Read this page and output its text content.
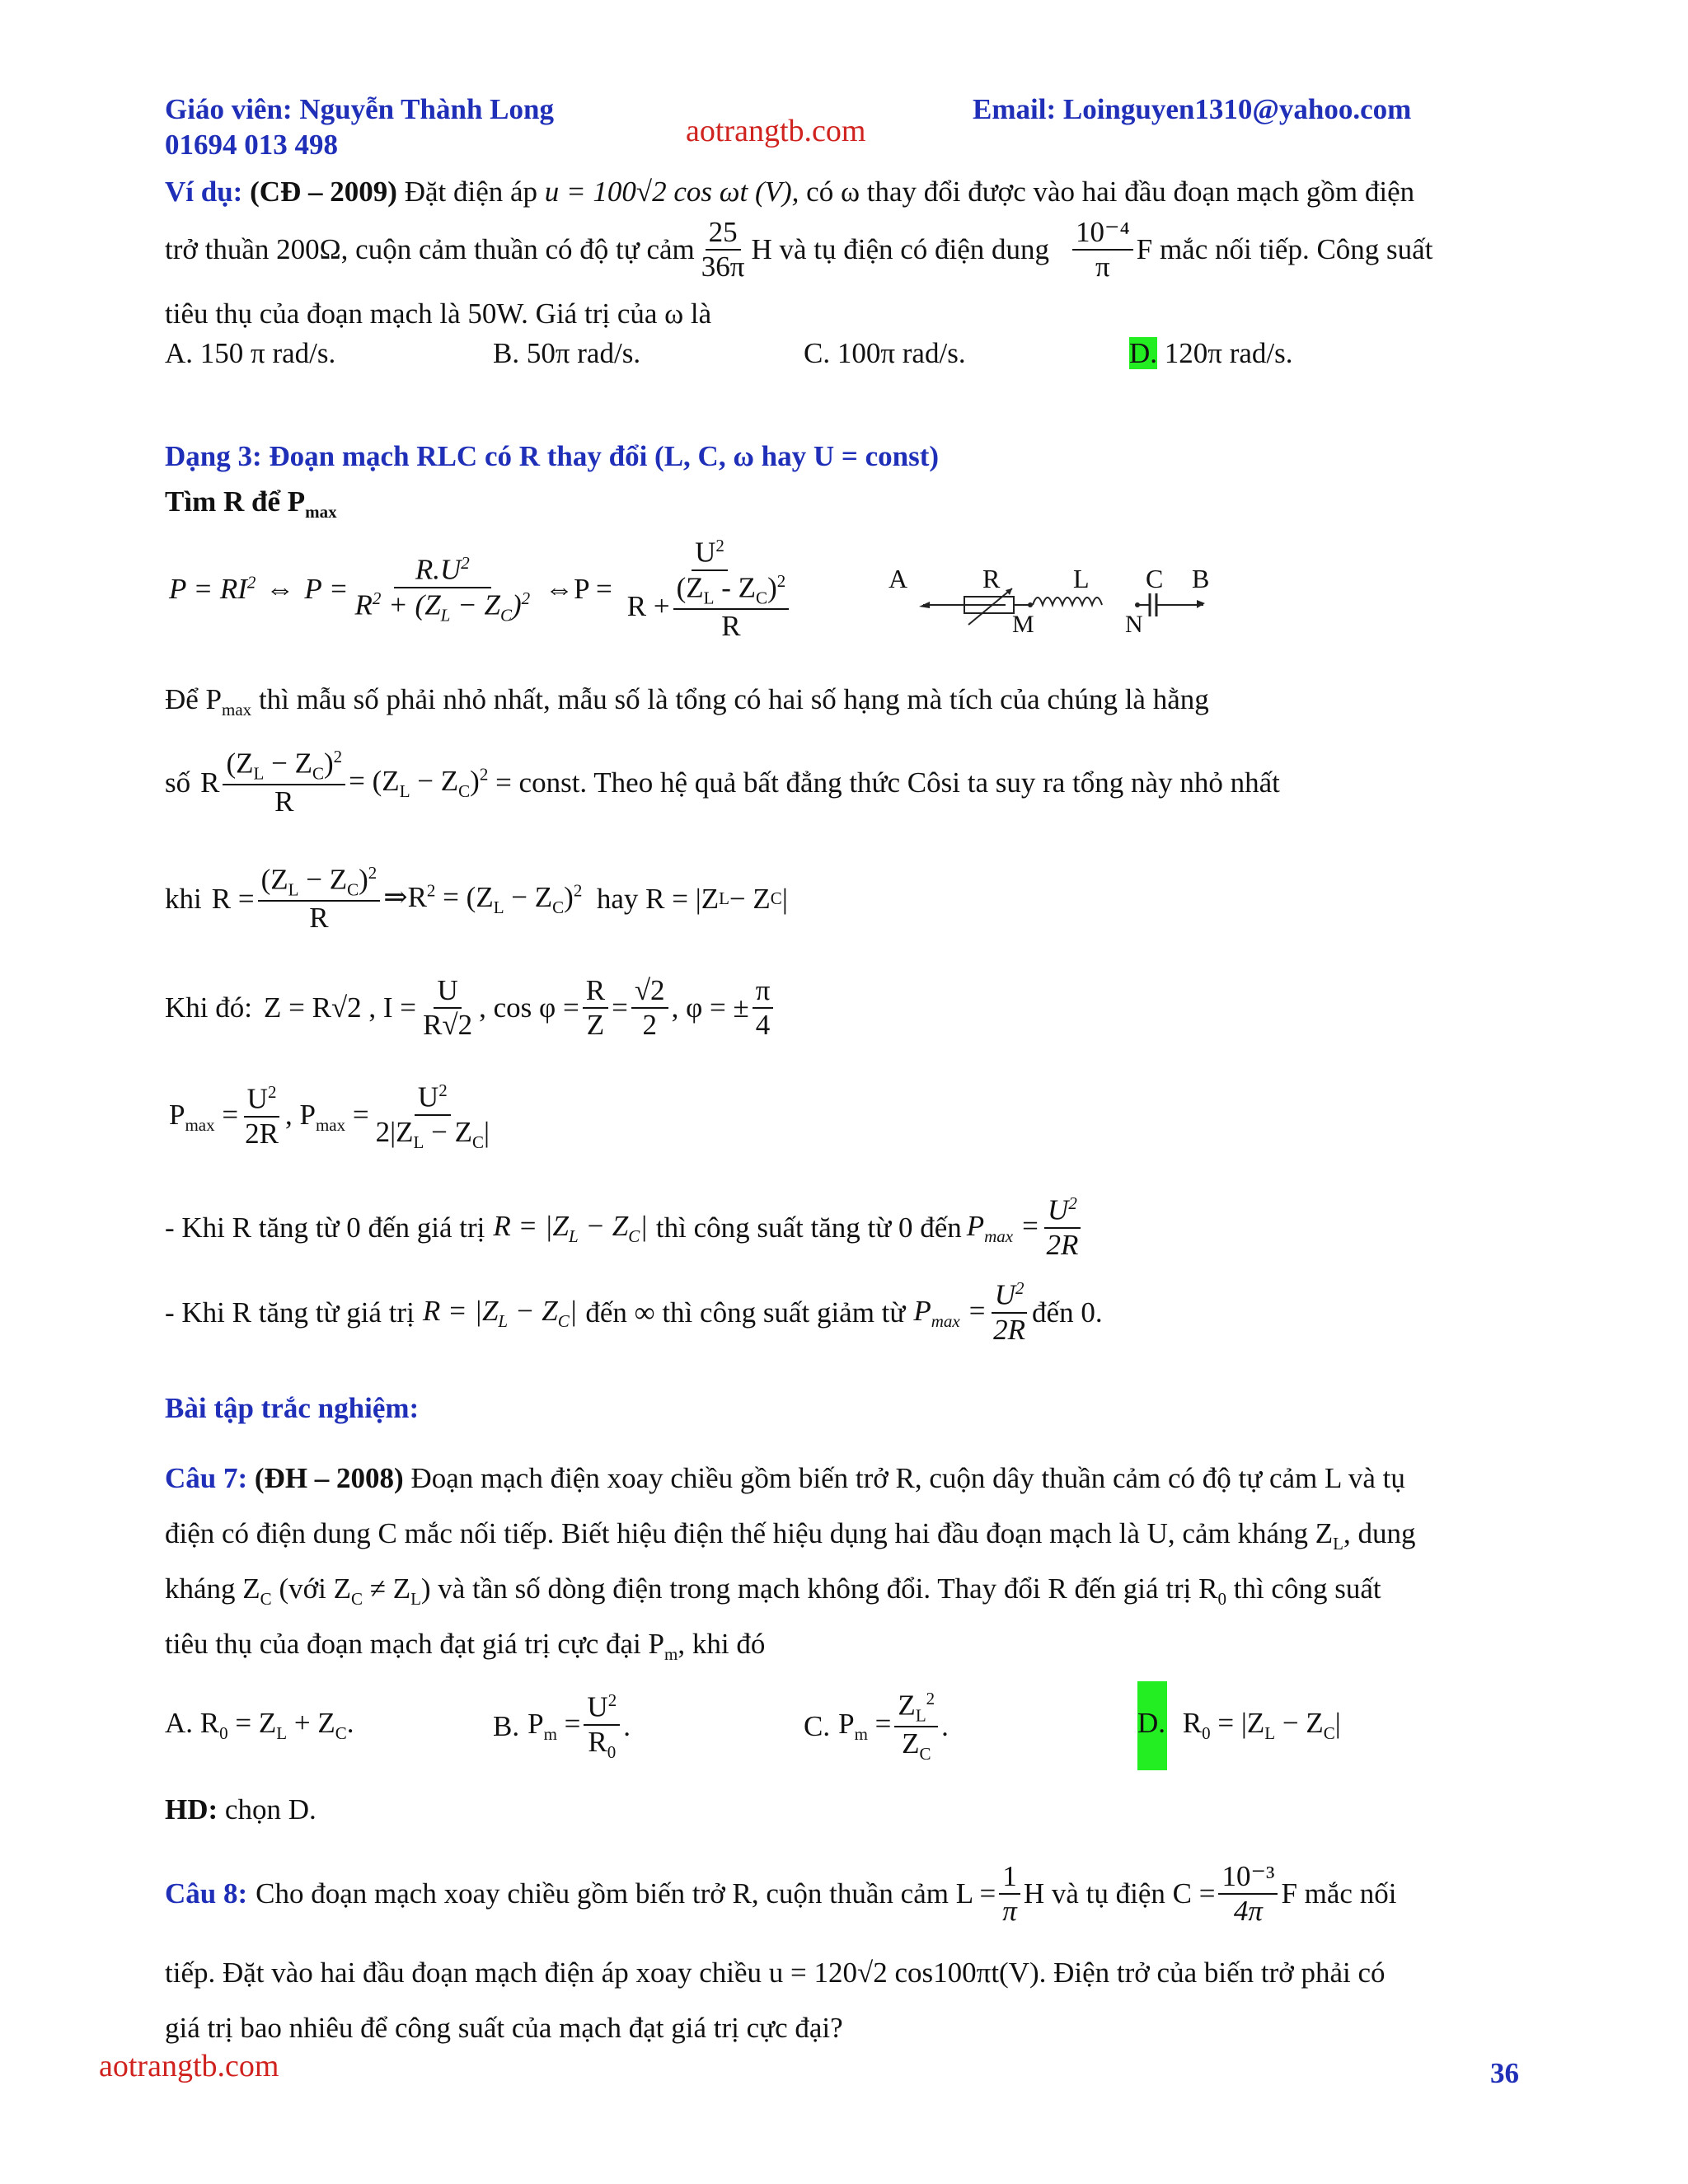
Giáo viên: Nguyễn Thành Long
01694 013 498	aotrangtb.com
Email: Loinguyen1310@yahoo.com
Ví dụ: (CĐ – 2009) Đặt điện áp u = 100√2 cos ωt (V), có ω thay đổi được vào hai đầu đoạn mạch gồm điện
trở thuần 200Ω, cuộn cảm thuần có độ tự cảm $\frac{25}{36\pi}$ H và tụ điện có điện dung $\frac{\text{10⁻⁴}}{\pi}$ F mắc nối tiếp. Công suất
tiêu thụ của đoạn mạch là 50W. Giá trị của ω là
A. 150 π rad/s.	B. 50π rad/s.	C. 100π rad/s.	D. 120π rad/s.
Dạng 3: Đoạn mạch RLC có R thay đổi (L, C, ω hay U = const)
Tìm R để $P_{max}$
$P = RI^2$ ⇔ $P = \frac{R.U^2}{R^2 + (Z_L - Z_C)^2}$ ⇔P = $\frac{U^2}{R + \frac{(Z_L - Z_C)^2}{R}}$	A	R	L C B
M	N
Để $P_{max}$ thì mẫu số phải nhỏ nhất, mẫu số là tổng có hai số hạng mà tích của chúng là hằng
số R $\frac{(Z_L - Z_C)^2}{R} = (Z_L - Z_C)^2$ = const. Theo hệ quả bất đẳng thức Côsi ta suy ra tổng này nhỏ nhất
khi $R = \frac{(Z_L - Z_C)^2}{R}$ $\Rightarrow R^2 = (Z_L - Z_C)^2$ hay R = |Z L − Z C |
Khi đó: Z = R√2 , $I = \frac{U}{R√2}$ , $\cos \varphi = \frac{R}{Z} = \frac{√2}{2}$ , φ = ± $\frac{\pi}{4}$
$P_{max} = \frac{U^2}{2R}$ , $P_{max} = \frac{U^2}{2|Z_L - Z_C|}$
- Khi R tăng từ 0 đến giá trị $R = |Z_L - Z_C|$ thì công suất tăng từ 0 đến $P_{max} = \frac{U^2}{2R}$
- Khi R tăng từ giá trị $R = |Z_L - Z_C|$ đến ∞ thì công suất giảm từ $P_{max} = \frac{U^2}{2R}$ đến 0.
Bài tập trắc nghiệm:
Câu 7: (ĐH – 2008) Đoạn mạch điện xoay chiều gồm biến trở R, cuộn dây thuần cảm có độ tự cảm L và tụ
điện có điện dung C mắc nối tiếp. Biết hiệu điện thế hiệu dụng hai đầu đoạn mạch là U, cảm kháng $Z_L$, dung
kháng $Z_C$ (với $Z_C \ne Z_L$) và tần số dòng điện trong mạch không đổi. Thay đổi R đến giá trị $R_0$ thì công suất
tiêu thụ của đoạn mạch đạt giá trị cực đại $P_m$, khi đó
A. $R_0 = Z_L + Z_C$.	B. $P_m = \frac{U^2}{R_0}$ .	C. $P_m = \frac{Z_L^2}{Z_C}$ .	D. $R_0 = |Z_L - Z_C|$
HD: chọn D.
Câu 8: Cho đoạn mạch xoay chiều gồm biến trở R, cuộn thuần cảm $L = \frac{1}{\pi}$ H và tụ điện $C = \frac{\text{10⁻³}}{4\pi}$ F mắc nối
tiếp. Đặt vào hai đầu đoạn mạch điện áp xoay chiều u = 120√2 cos100πt(V). Điện trở của biến trở phải có
giá trị bao nhiêu để công suất của mạch đạt giá trị cực đại?
aotrangtb.com	36
